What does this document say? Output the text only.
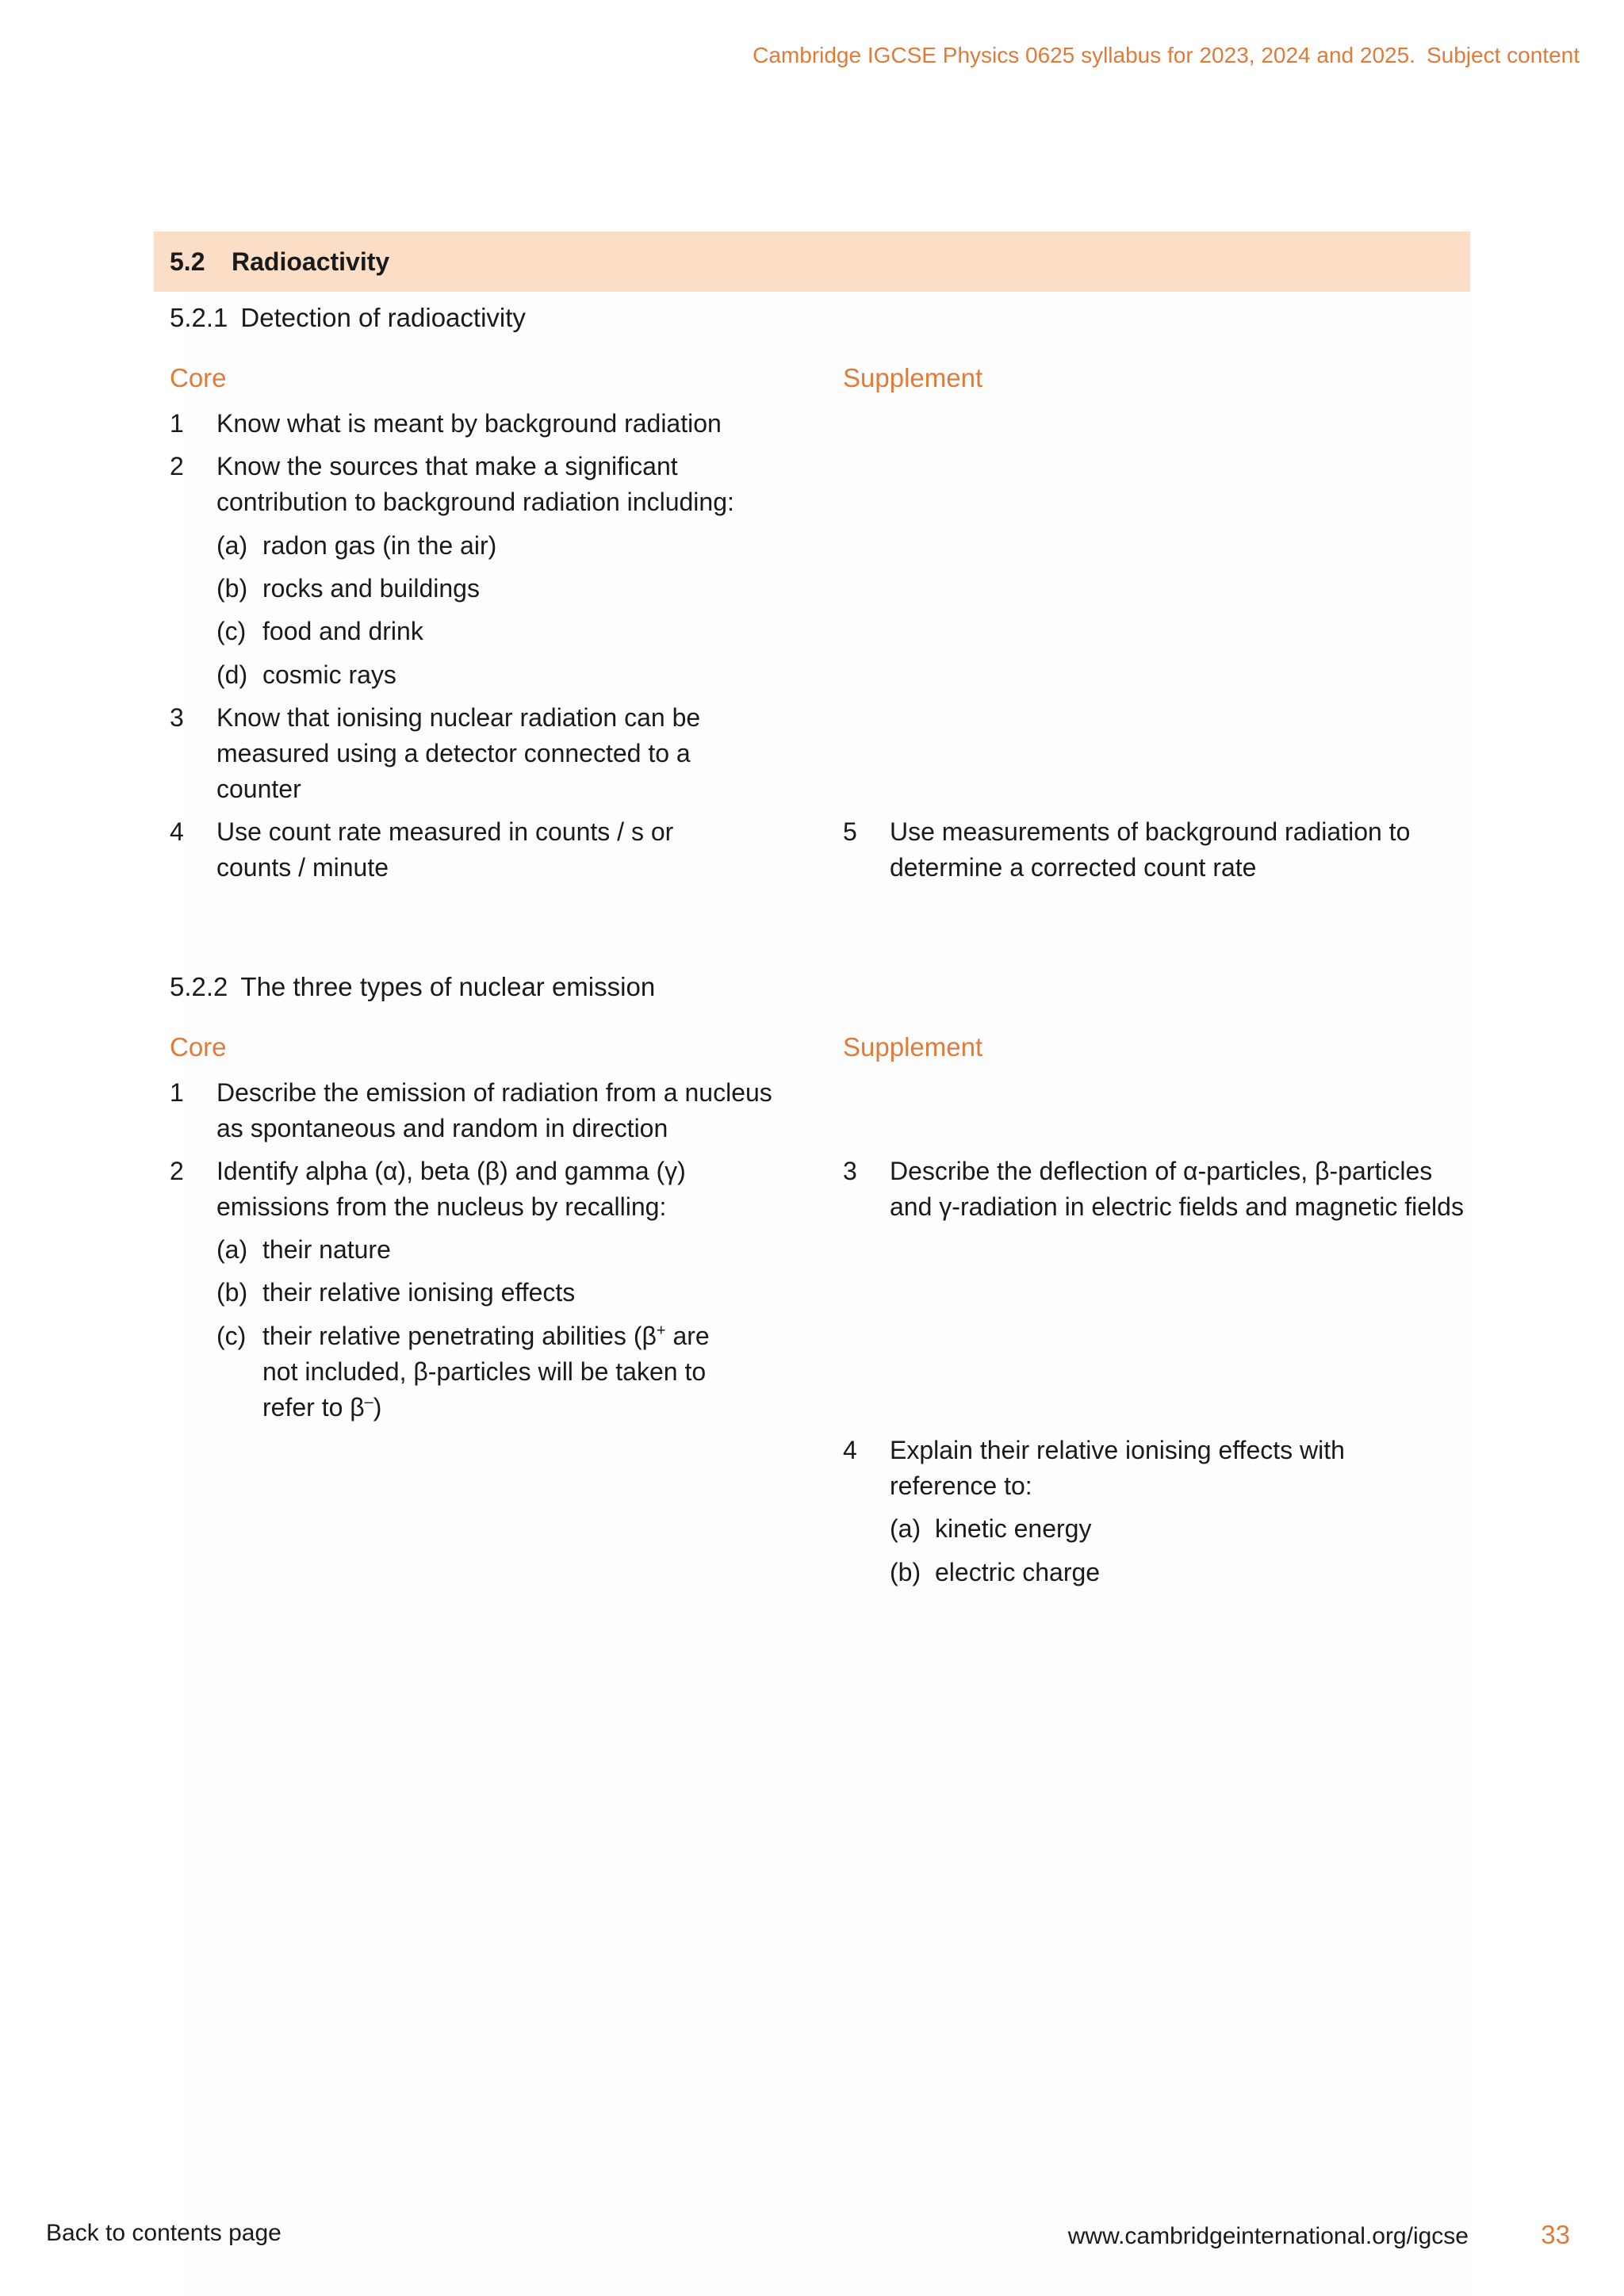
Cambridge IGCSE Physics 0625 syllabus for 2023, 2024 and 2025. Subject content
5.2	Radioactivity
5.2.1 Detection of radioactivity
Core	Supplement
1 Know what is meant by background radiation
2 Know the sources that make a significant contribution to background radiation including:
(a) radon gas (in the air)
(b) rocks and buildings
(c) food and drink
(d) cosmic rays
3 Know that ionising nuclear radiation can be measured using a detector connected to a counter
4 Use count rate measured in counts / s or counts / minute
5 Use measurements of background radiation to determine a corrected count rate
5.2.2 The three types of nuclear emission
Core	Supplement
1 Describe the emission of radiation from a nucleus as spontaneous and random in direction
2 Identify alpha (α), beta (β) and gamma (γ) emissions from the nucleus by recalling:
(a) their nature
(b) their relative ionising effects
(c) their relative penetrating abilities (β+ are not included, β-particles will be taken to refer to β–)
3 Describe the deflection of α-particles, β-particles and γ-radiation in electric fields and magnetic fields
4 Explain their relative ionising effects with reference to:
(a) kinetic energy
(b) electric charge
Back to contents page	www.cambridgeinternational.org/igcse	33
